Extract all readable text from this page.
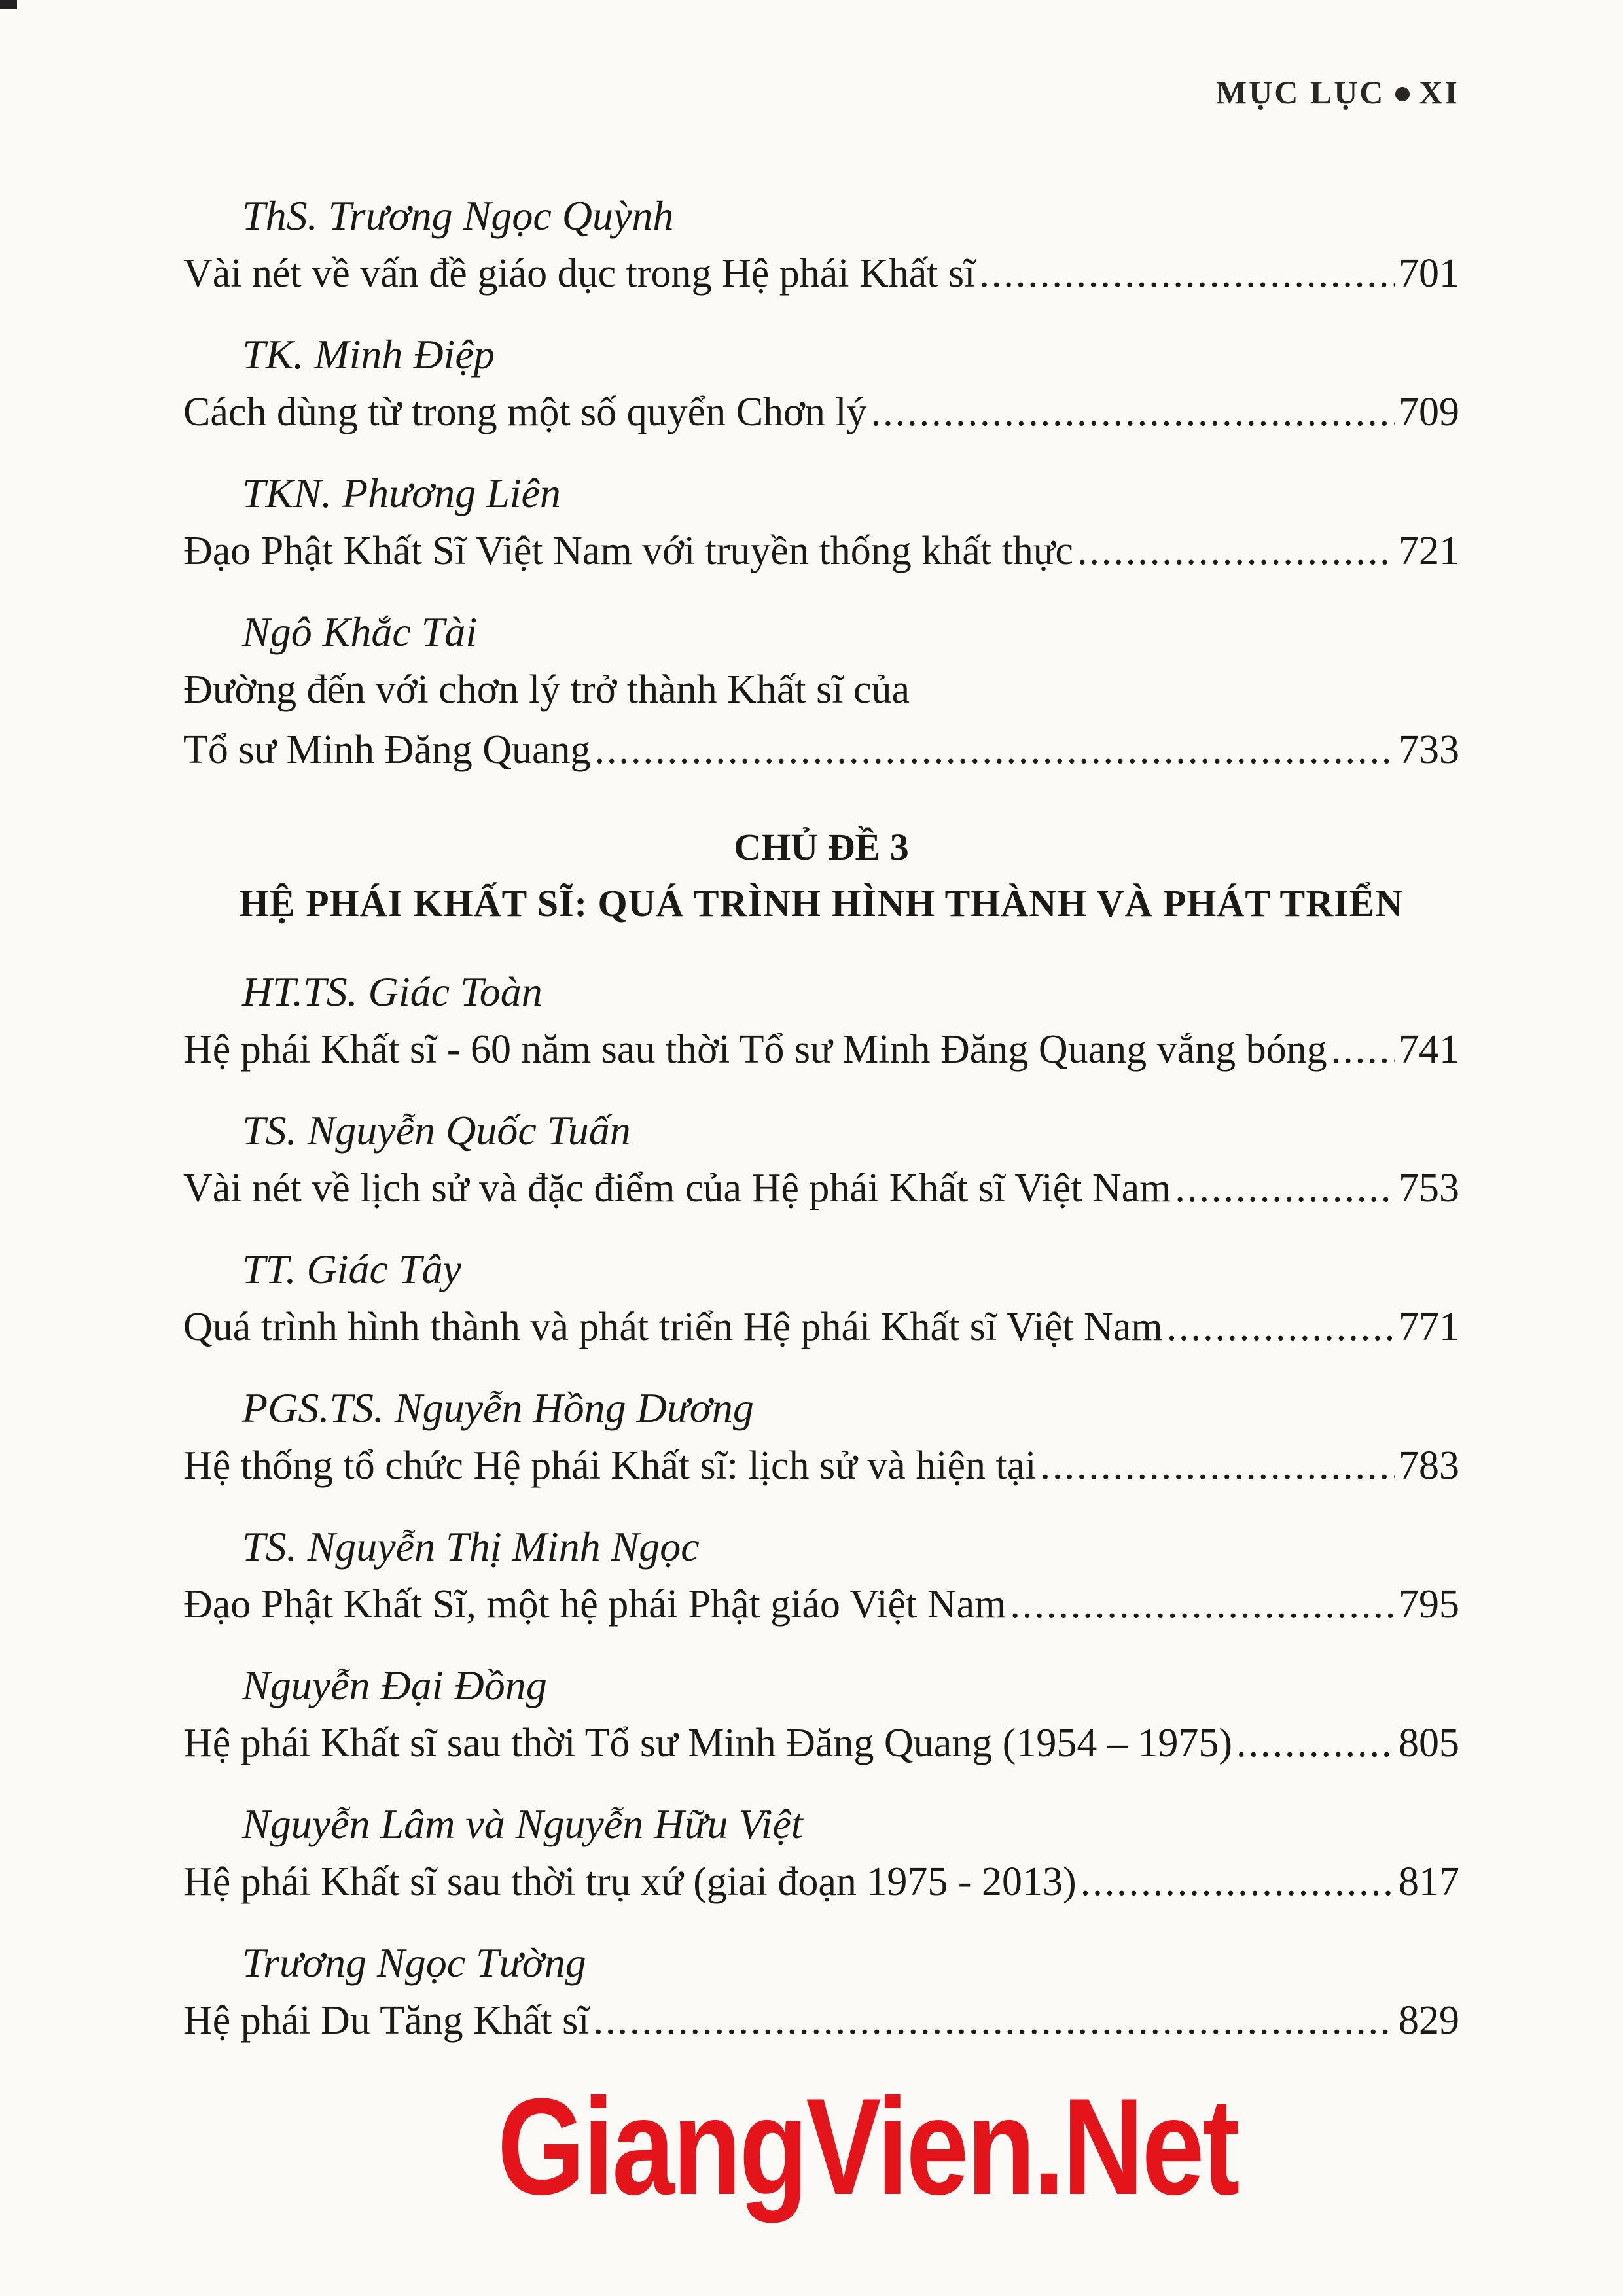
MỤC LỤC XI
ThS. Trương Ngọc Quỳnh
Vài nét về vấn đề giáo dục trong Hệ phái Khất sĩ .....	701
TK. Minh Điệp
Cách dùng từ trong một số quyển Chơn lý .....	709
TKN. Phương Liên
Đạo Phật Khất Sĩ Việt Nam với truyền thống khất thực .....	721
Ngô Khắc Tài
Đường đến với chơn lý trở thành Khất sĩ của
Tổ sư Minh Đăng Quang .....	733
CHỦ ĐỀ 3
HỆ PHÁI KHẤT SĨ: QUÁ TRÌNH HÌNH THÀNH VÀ PHÁT TRIỂN
HT.TS. Giác Toàn
Hệ phái Khất sĩ - 60 năm sau thời Tổ sư Minh Đăng Quang vắng bóng ..... 741
TS. Nguyễn Quốc Tuấn
Vài nét về lịch sử và đặc điểm của Hệ phái Khất sĩ Việt Nam .....	753
TT. Giác Tây
Quá trình hình thành và phát triển Hệ phái Khất sĩ Việt Nam .....	771
PGS.TS. Nguyễn Hồng Dương
Hệ thống tổ chức Hệ phái Khất sĩ: lịch sử và hiện tại .....	783
TS. Nguyễn Thị Minh Ngọc
Đạo Phật Khất Sĩ, một hệ phái Phật giáo Việt Nam .....	795
Nguyễn Đại Đồng
Hệ phái Khất sĩ sau thời Tổ sư Minh Đăng Quang (1954 – 1975) .....	805
Nguyễn Lâm và Nguyễn Hữu Việt
Hệ phái Khất sĩ sau thời trụ xứ (giai đoạn 1975 - 2013) .....	817
Trương Ngọc Tường
Hệ phái Du Tăng Khất sĩ .....	829
GiangVien.Net
